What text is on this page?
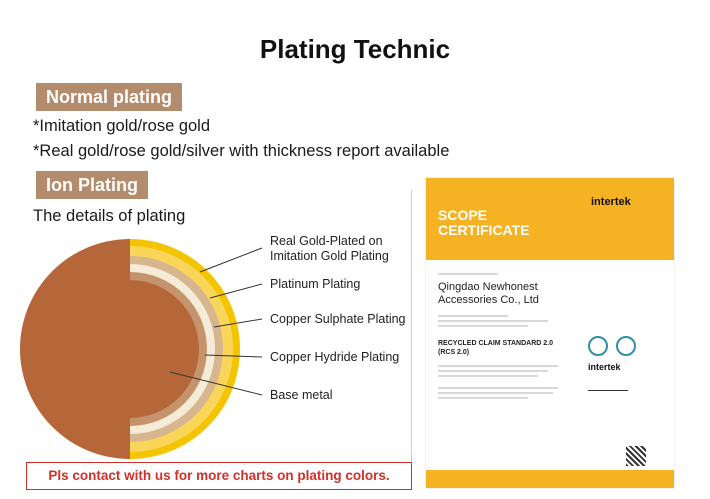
Plating Technic
Normal plating
*Imitation gold/rose gold
*Real gold/rose gold/silver with thickness report available
Ion Plating
The details of plating
Real Gold-Plated on
Imitation Gold Plating
Platinum Plating
Copper Sulphate Plating
Copper Hydride Plating
Base metal
Pls contact with us for more charts on plating colors.
intertek
SCOPE
CERTIFICATE
Qingdao Newhonest
Accessories Co., Ltd
RECYCLED CLAIM STANDARD 2.0
(RCS 2.0)
intertek
